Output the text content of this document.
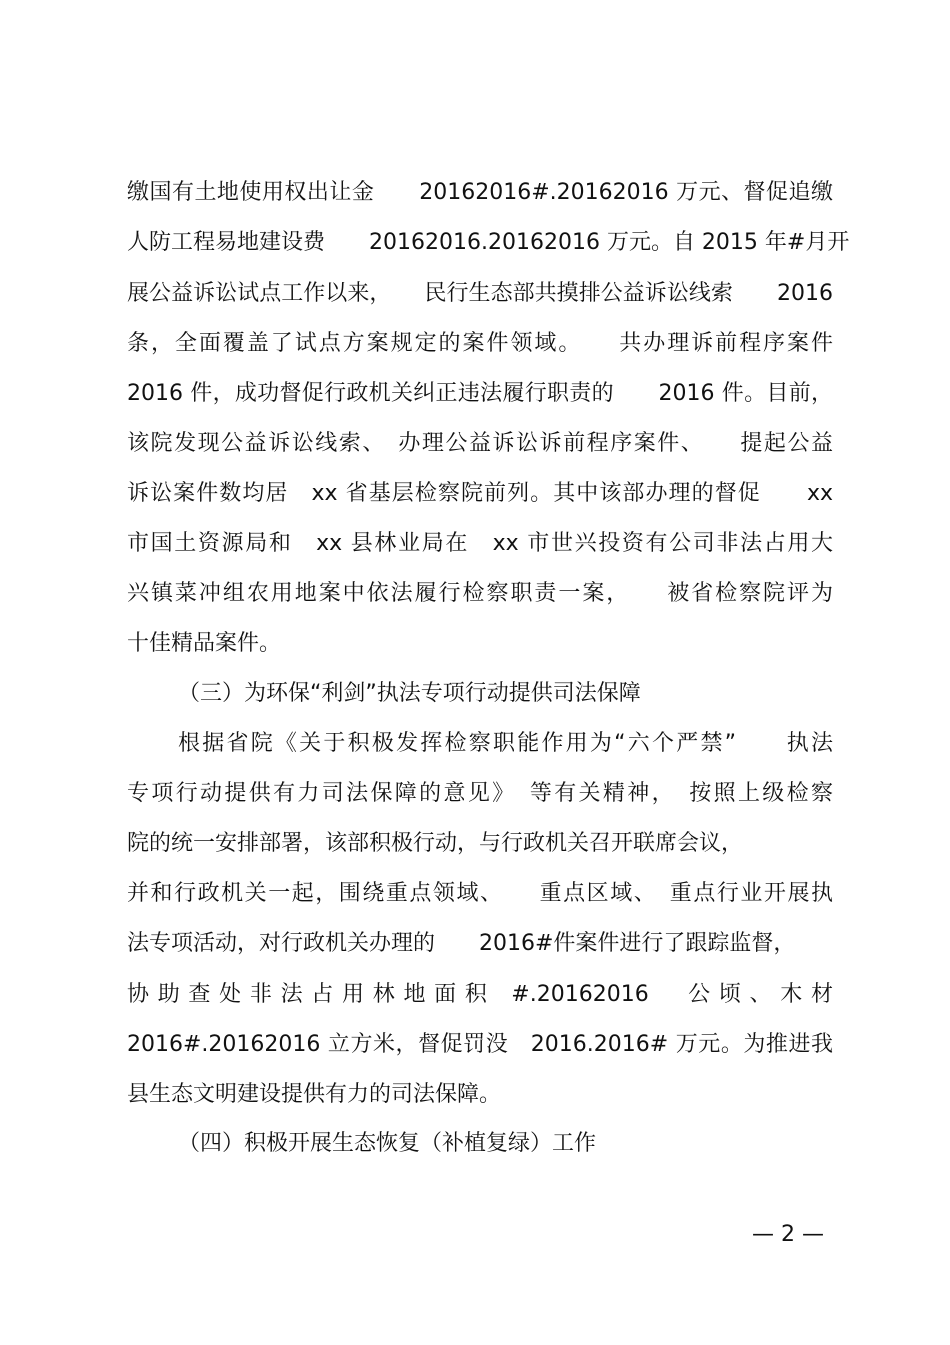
缴国有土地使用权出让金　　20162016#.20162016 万元、督促追缴
人防工程易地建设费　　20162016.20162016 万元。自 2015 年#月开
展公益诉讼试点工作以来，　　民行生态部共摸排公益诉讼线索　　2016
条，全面覆盖了试点方案规定的案件领域。　　共办理诉前程序案件
2016 件，成功督促行政机关纠正违法履行职责的　　2016 件。目前，
该院发现公益诉讼线索、　办理公益诉讼诉前程序案件、　　提起公益
诉讼案件数均居　xx 省基层检察院前列。其中该部办理的督促　　xx
市国土资源局和　xx 县林业局在　xx 市世兴投资有公司非法占用大
兴镇菜冲组农用地案中依法履行检察职责一案，　　被省检察院评为
十佳精品案件。
（三）为环保“利剑”执法专项行动提供司法保障
根据省院《关于积极发挥检察职能作用为“六个严禁”　　执法
专项行动提供有力司法保障的意见》　等有关精神，　按照上级检察
院的统一安排部署，该部积极行动，与行政机关召开联席会议，
并和行政机关一起，围绕重点领域、　　重点区域、　重点行业开展执
法专项活动，对行政机关办理的　　2016#件案件进行了跟踪监督，
协助查处非法占用林地面积 #.20162016　公顷、木材
2016#.20162016 立方米，督促罚没　2016.2016# 万元。为推进我
县生态文明建设提供有力的司法保障。
（四）积极开展生态恢复（补植复绿）工作
— 2 —
